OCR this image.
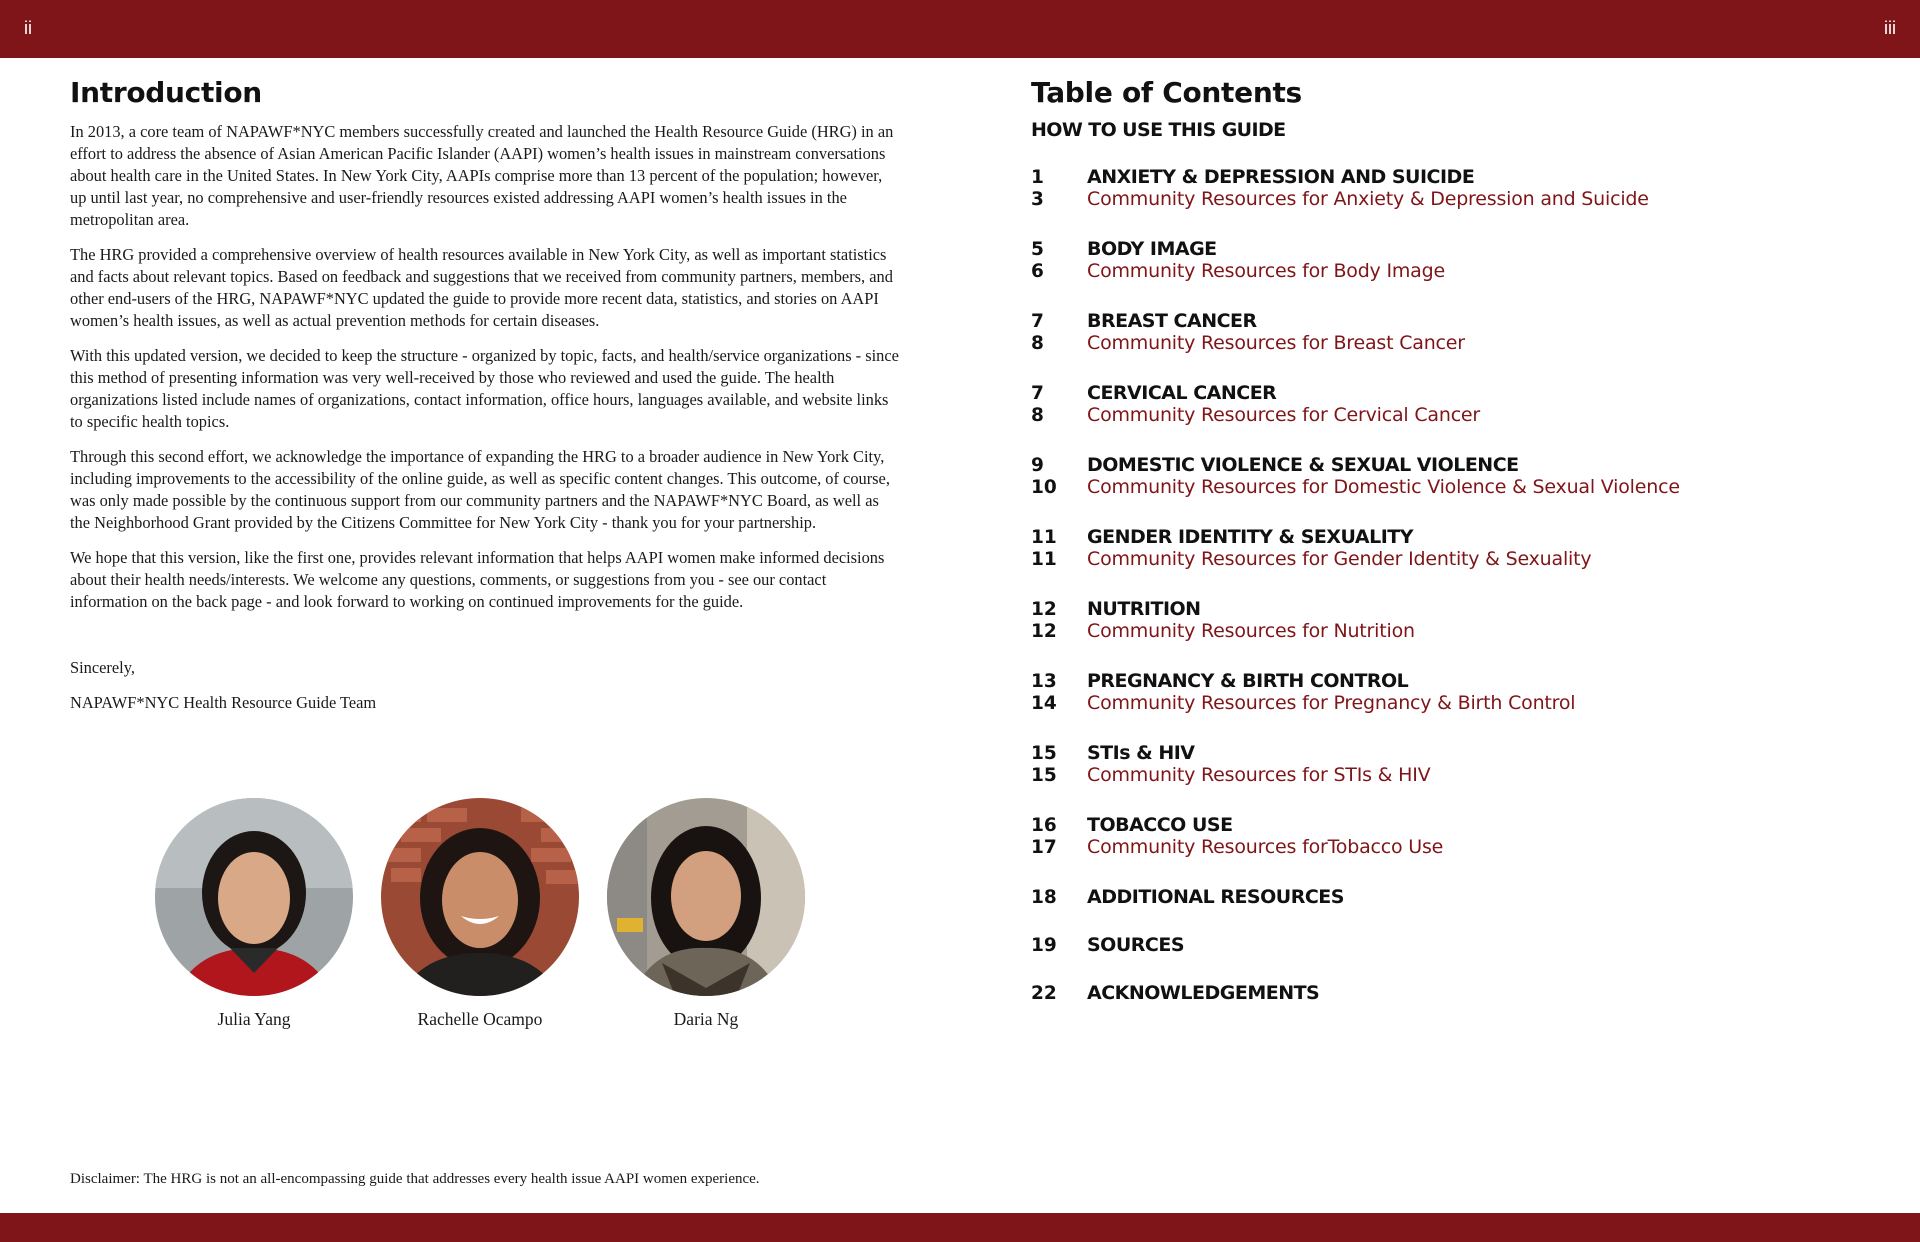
ii	iii
Introduction

In 2013, a core team of NAPAWF*NYC members successfully created and launched the Health Resource Guide (HRG) in an effort to address the absence of Asian American Pacific Islander (AAPI) women’s health issues in mainstream conversations about health care in the United States. In New York City, AAPIs comprise more than 13 percent of the population; however, up until last year, no comprehensive and user-friendly resources existed addressing AAPI women’s health issues in the metropolitan area.

The HRG provided a comprehensive overview of health resources available in New York City, as well as important statistics and facts about relevant topics. Based on feedback and suggestions that we received from community partners, members, and other end-users of the HRG, NAPAWF*NYC updated the guide to provide more recent data, statistics, and stories on AAPI women’s health issues, as well as actual prevention methods for certain diseases.

With this updated version, we decided to keep the structure - organized by topic, facts, and health/service organizations - since this method of presenting information was very well-received by those who reviewed and used the guide. The health organizations listed include names of organizations, contact information, office hours, languages available, and website links to specific health topics.

Through this second effort, we acknowledge the importance of expanding the HRG to a broader audience in New York City, including improvements to the accessibility of the online guide, as well as specific content changes. This outcome, of course, was only made possible by the continuous support from our community partners and the NAPAWF*NYC Board, as well as the Neighborhood Grant provided by the Citizens Committee for New York City - thank you for your partnership.

We hope that this version, like the first one, provides relevant information that helps AAPI women make informed decisions about their health needs/interests. We welcome any questions, comments, or suggestions from you - see our contact information on the back page - and look forward to working on continued improvements for the guide.

Sincerely,

NAPAWF*NYC Health Resource Guide Team

Julia Yang	Rachelle Ocampo	Daria Ng

Disclaimer: The HRG is not an all-encompassing guide that addresses every health issue AAPI women experience.

Table of Contents
HOW TO USE THIS GUIDE
1	ANXIETY & DEPRESSION AND SUICIDE
3	Community Resources for Anxiety & Depression and Suicide
5	BODY IMAGE
6	Community Resources for Body Image
7	BREAST CANCER
8	Community Resources for Breast Cancer
7	CERVICAL CANCER
8	Community Resources for Cervical Cancer
9	DOMESTIC VIOLENCE & SEXUAL VIOLENCE
10	Community Resources for Domestic Violence & Sexual Violence
11	GENDER IDENTITY & SEXUALITY
11	Community Resources for Gender Identity & Sexuality
12	NUTRITION
12	Community Resources for Nutrition
13	PREGNANCY & BIRTH CONTROL
14	Community Resources for Pregnancy & Birth Control
15	STIs & HIV
15	Community Resources for STIs & HIV
16	TOBACCO USE
17	Community Resources forTobacco Use
18	ADDITIONAL RESOURCES
19	SOURCES
22	ACKNOWLEDGEMENTS
